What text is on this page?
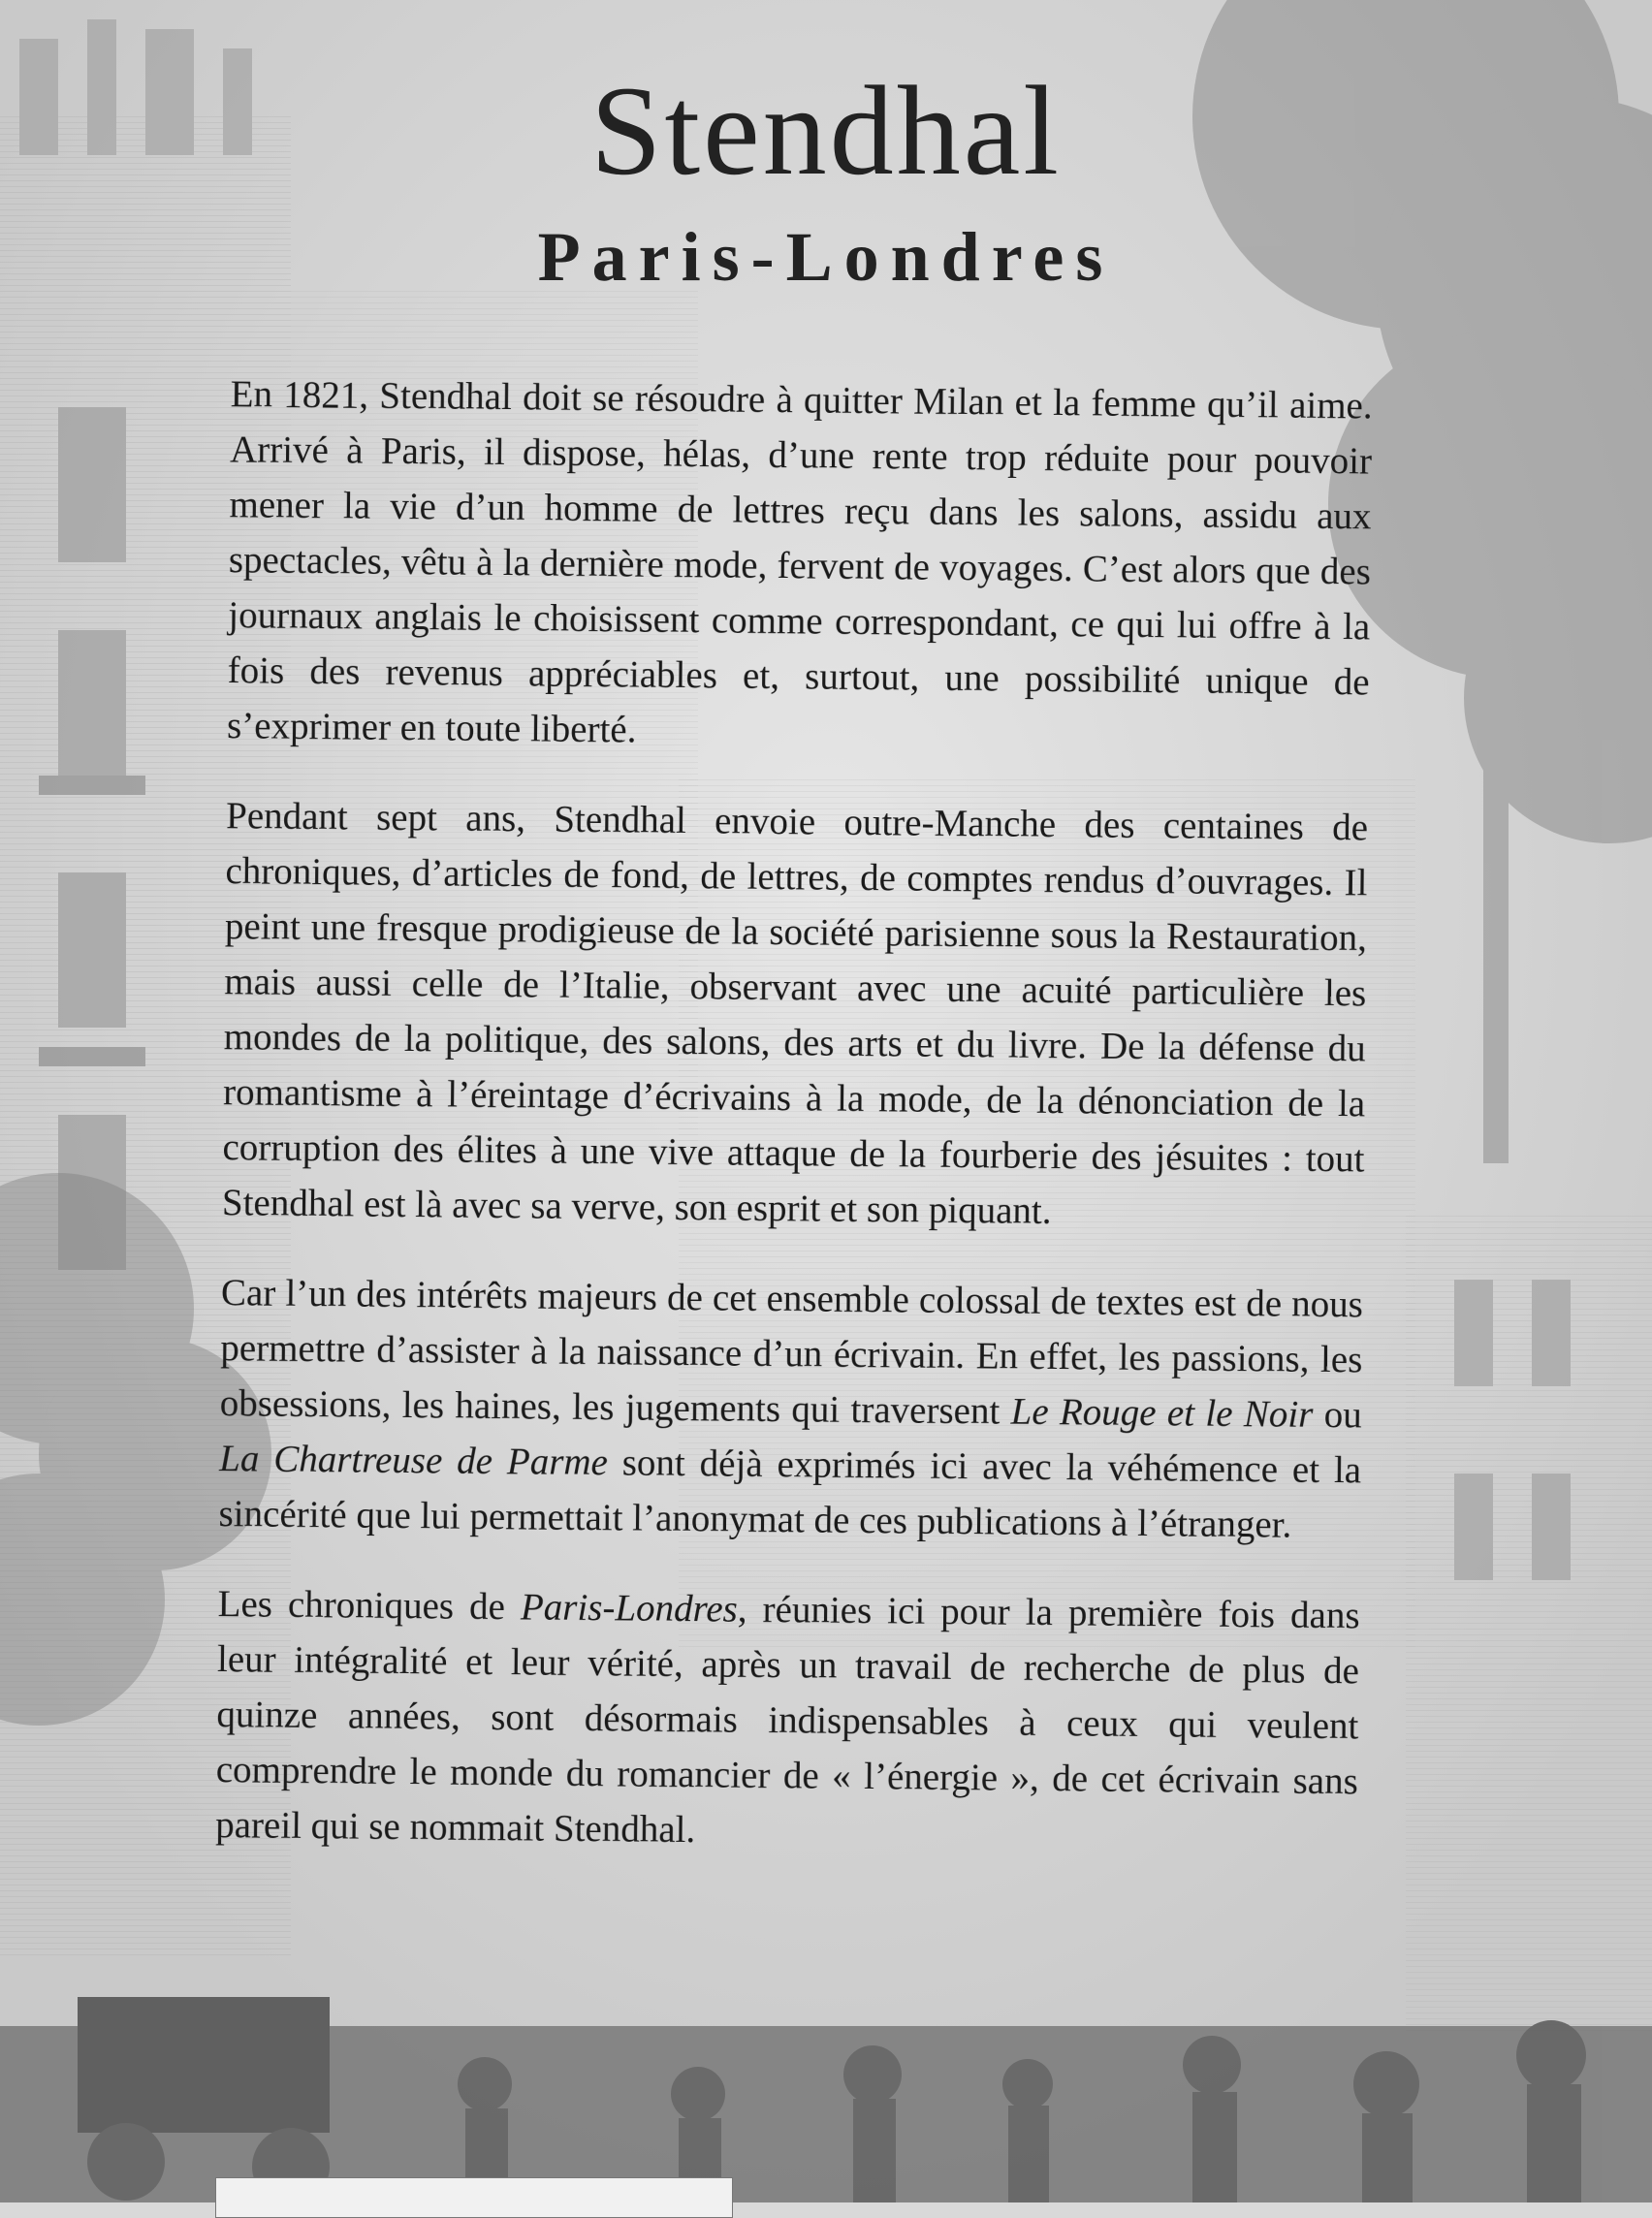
Stendhal
Paris-Londres

En 1821, Stendhal doit se résoudre à quitter Milan et la femme qu’il aime. Arrivé à Paris, il dispose, hélas, d’une rente trop réduite pour pouvoir mener la vie d’un homme de lettres reçu dans les salons, assidu aux spectacles, vêtu à la dernière mode, fervent de voyages. C’est alors que des journaux anglais le choisissent comme correspondant, ce qui lui offre à la fois des revenus appréciables et, surtout, une possibilité unique de s’exprimer en toute liberté.

Pendant sept ans, Stendhal envoie outre-Manche des centaines de chroniques, d’articles de fond, de lettres, de comptes rendus d’ouvrages. Il peint une fresque prodigieuse de la société parisienne sous la Restauration, mais aussi celle de l’Italie, observant avec une acuité particulière les mondes de la politique, des salons, des arts et du livre. De la défense du romantisme à l’éreintage d’écrivains à la mode, de la dénonciation de la corruption des élites à une vive attaque de la fourberie des jésuites : tout Stendhal est là avec sa verve, son esprit et son piquant.

Car l’un des intérêts majeurs de cet ensemble colossal de textes est de nous permettre d’assister à la naissance d’un écrivain. En effet, les passions, les obsessions, les haines, les jugements qui traversent Le Rouge et le Noir ou La Chartreuse de Parme sont déjà exprimés ici avec la véhémence et la sincérité que lui permettait l’anonymat de ces publications à l’étranger.

Les chroniques de Paris-Londres, réunies ici pour la première fois dans leur intégralité et leur vérité, après un travail de recherche de plus de quinze années, sont désormais indispensables à ceux qui veulent comprendre le monde du romancier de « l’énergie », de cet écrivain sans pareil qui se nommait Stendhal.
